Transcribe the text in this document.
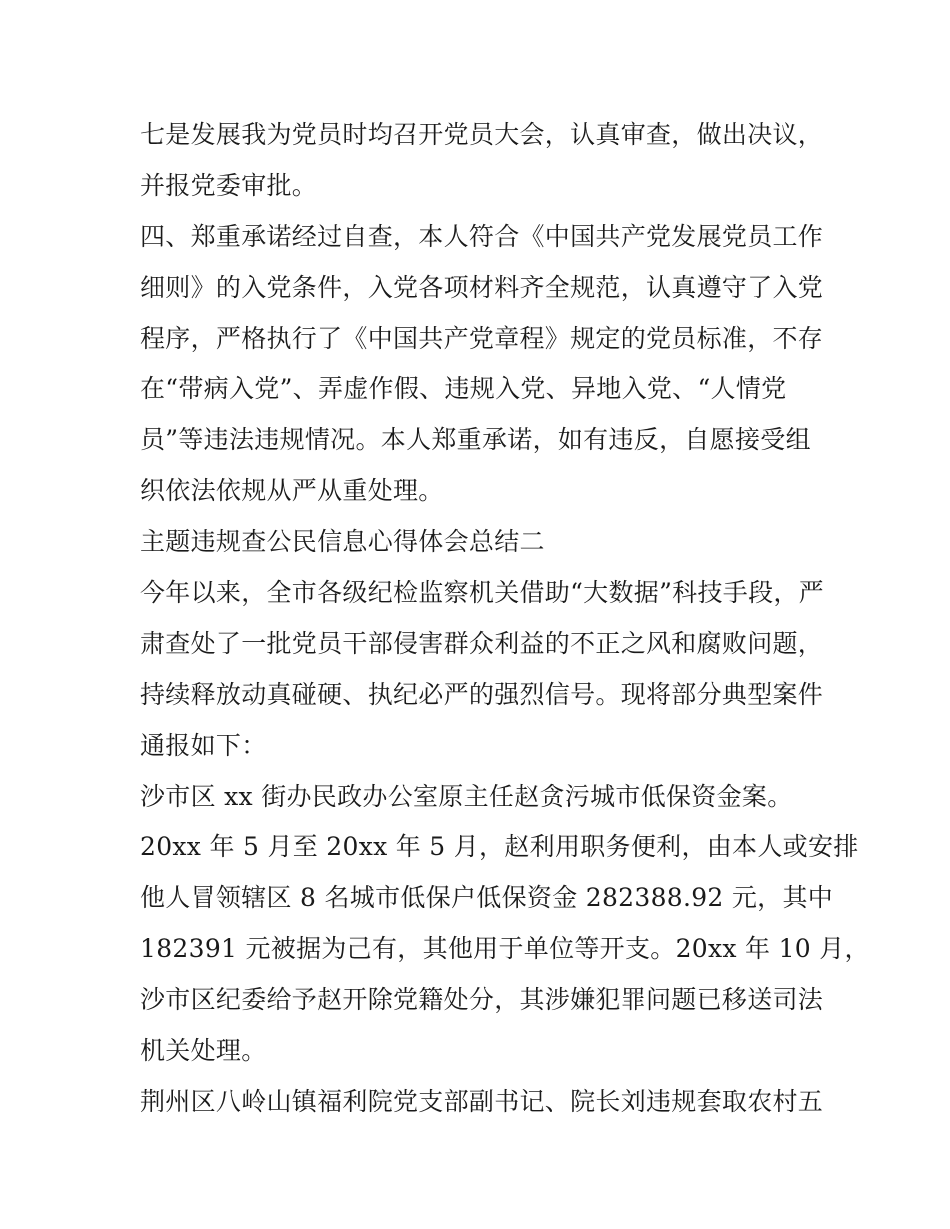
七是发展我为党员时均召开党员大会，认真审查，做出决议，
并报党委审批。
四、郑重承诺经过自查，本人符合《中国共产党发展党员工作
细则》的入党条件，入党各项材料齐全规范，认真遵守了入党
程序，严格执行了《中国共产党章程》规定的党员标准，不存
在“带病入党”、弄虚作假、违规入党、异地入党、“人情党
员”等违法违规情况。本人郑重承诺，如有违反，自愿接受组
织依法依规从严从重处理。
主题违规查公民信息心得体会总结二
今年以来，全市各级纪检监察机关借助“大数据”科技手段，严
肃查处了一批党员干部侵害群众利益的不正之风和腐败问题，
持续释放动真碰硬、执纪必严的强烈信号。现将部分典型案件
通报如下：
沙市区 xx 街办民政办公室原主任赵贪污城市低保资金案。
20xx 年 5 月至 20xx 年 5 月，赵利用职务便利，由本人或安排
他人冒领辖区 8 名城市低保户低保资金 282388.92 元，其中
182391 元被据为己有，其他用于单位等开支。20xx 年 10 月，
沙市区纪委给予赵开除党籍处分，其涉嫌犯罪问题已移送司法
机关处理。
荆州区八岭山镇福利院党支部副书记、院长刘违规套取农村五
